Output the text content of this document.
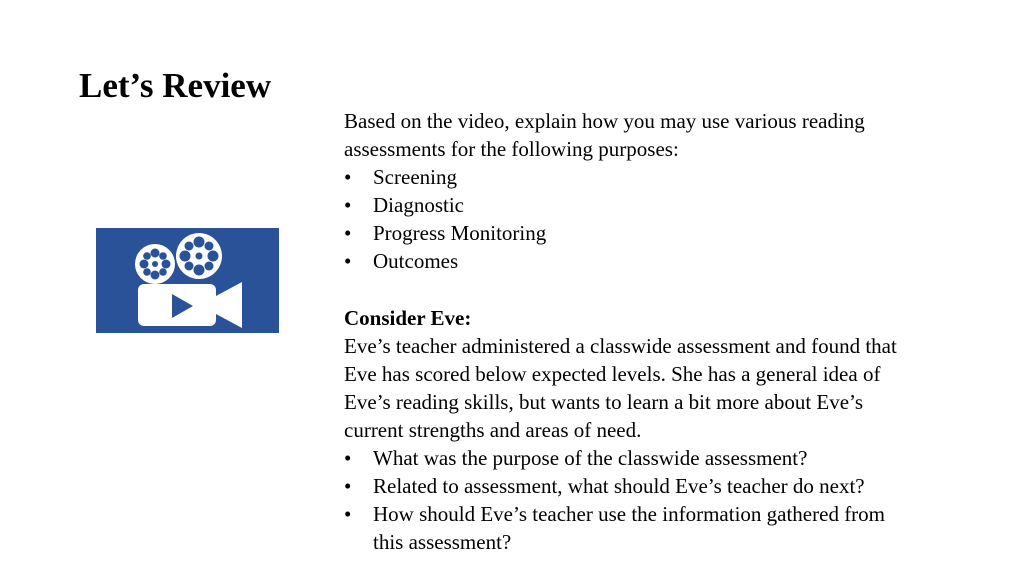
Let’s Review
Based on the video, explain how you may use various reading
assessments for the following purposes:
• Screening
• Diagnostic
• Progress Monitoring
• Outcomes
Consider Eve:
Eve’s teacher administered a classwide assessment and found that
Eve has scored below expected levels. She has a general idea of
Eve’s reading skills, but wants to learn a bit more about Eve’s
current strengths and areas of need.
• What was the purpose of the classwide assessment?
• Related to assessment, what should Eve’s teacher do next?
• How should Eve’s teacher use the information gathered from
this assessment?
